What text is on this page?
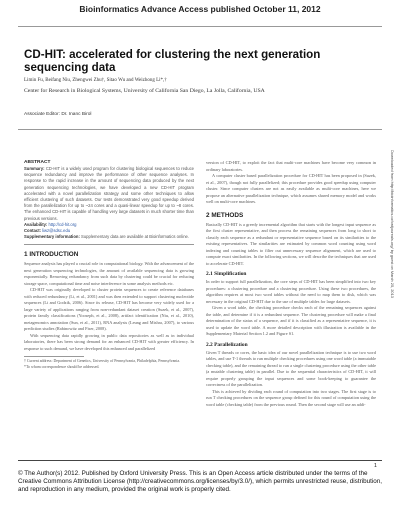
Bioinformatics Advance Access published October 11, 2012
CD-HIT: accelerated for clustering the next generation sequencing data
Limin Fu, Beifang Niu, Zhengwei Zhu†, Sitao Wu and Weizhong Li*,†
Center for Research in Biological Systems, University of California San Diego, La Jolla, California, USA
Associate Editor: Dr. Inanc Birol
ABSTRACT

Summary: CD-HIT is a widely used program for clustering biological sequences to reduce sequence redundancy and improve the performance of other sequence analyses. In response to the rapid increase in the amount of sequencing data produced by the next generation sequencing technologies, we have developed a new CD-HIT program accelerated with a novel parallelization strategy and some other techniques to allow efficient clustering of such datasets. Our tests demonstrated very good speedup derived from the parallelization for up to ~24 cores and a quasi-linear speedup for up to ~8 cores. The enhanced CD-HIT is capable of handling very large datasets in much shorter time than previous versions.

Availability: http://cd-hit.org

Contact: liwz@sdsc.edu

Supplementary information: Supplementary data are available at Bioinformatics online.

1 INTRODUCTION

Sequence analysis has played a crucial role in computational biology. With the advancement of the next generation sequencing technologies, the amount of available sequencing data is growing exponentially. Removing redundancy from such data by clustering could be crucial for reducing storage space, computational time and noise interference in some analysis methods etc.

CD-HIT was originally developed to cluster protein sequences to create reference databases with reduced redundancy (Li, et al., 2001) and was then extended to support clustering nucleotide sequences (Li and Godzik, 2006). Since its release, CD-HIT has become very widely used for a large variety of applications ranging from non-redundant dataset creation (Suzek, et al., 2007), protein family classifications (Yooseph, et al., 2008), artifact identification (Niu, et al., 2010), metagenomics annotation (Sun, et al., 2011), RNA analysis (Leung and Mishra, 2007), to various prediction studies (Rabinowitz and Fiser, 2008).

With sequencing data rapidly growing in public data repositories as well as in individual laboratories, there has been strong demand for an enhanced CD-HIT with greater efficiency. In response to such demand, we have developed this enhanced and parallelized

† Current address: Department of Genetics, University of Pennsylvania, Philadelphia, Pennsylvania.

*To whom correspondence should be addressed.

version of CD-HIT, to exploit the fact that multi-core machines have become very common in ordinary laboratories.

A computer cluster based parallelization procedure for CD-HIT has been proposed in (Suzek, et al., 2007), though not fully parallelized; this procedure provides good speedup using computer cluster. Since computer clusters are not as easily available as multi-core machines, here we propose an alternative parallelization technique, which assumes shared memory model and works well on multi-core machines.

2 METHODS

Basically CD-HIT is a greedy incremental algorithm that starts with the longest input sequence as the first cluster representative, and then process the remaining sequences from long to short to classify each sequence as a redundant or representative sequence based on its similarities to the existing representatives. The similarities are estimated by common word counting using word indexing and counting tables to filter out unnecessary sequence alignment, which are used to compute exact similarities. In the following sections, we will describe the techniques that are used to accelerate CD-HIT.

2.1 Simplification

In order to support full parallelization, the core steps of CD-HIT has been simplified into two key procedures: a clustering procedure and a clustering procedure. Using these two procedures, the algorithm requires at most two word tables without the need to map them to disk, which was necessary in the original CD-HIT due to the use of multiple tables for large datasets.

Given a word table, the checking procedure checks each of the remaining sequences against the table, and determine if it is a redundant sequence. The clustering procedure will make a final determination of the status of a sequence, and if it is classified as a representative sequence, it is used to update the word table. A more detailed description with illustration is available in the Supplementary Material Section 1.2 and Figure S1.

2.2 Parallelization

Given T threads or cores, the basic idea of our novel parallelization technique is to use two word tables, and use T-1 threads to run multiple checking procedures using one word table (a immutable checking table), and the remaining thread to run a single clustering procedure using the other table (a mutable clustering table) in parallel. Due to the sequential characteristics of CD-HIT, it will require properly grouping the input sequences and some book-keeping to guarantee the correctness of the parallelization.

This is achieved by dividing each round of computation into two stages. The first stage is to run T checking procedures on the sequence group defined for this round of computation using the word table (checking table) from the previous round. Then the second stage will use an addi-

Downloaded from http://bioinformatics.oxfordjournals.org/ by guest on March 25, 2013
1

© The Author(s) 2012. Published by Oxford University Press. This is an Open Access article distributed under the terms of the Creative Commons Attribution License (http://creativecommons.org/licenses/by/3.0/), which permits unrestricted reuse, distribution, and reproduction in any medium, provided the original work is properly cited.
